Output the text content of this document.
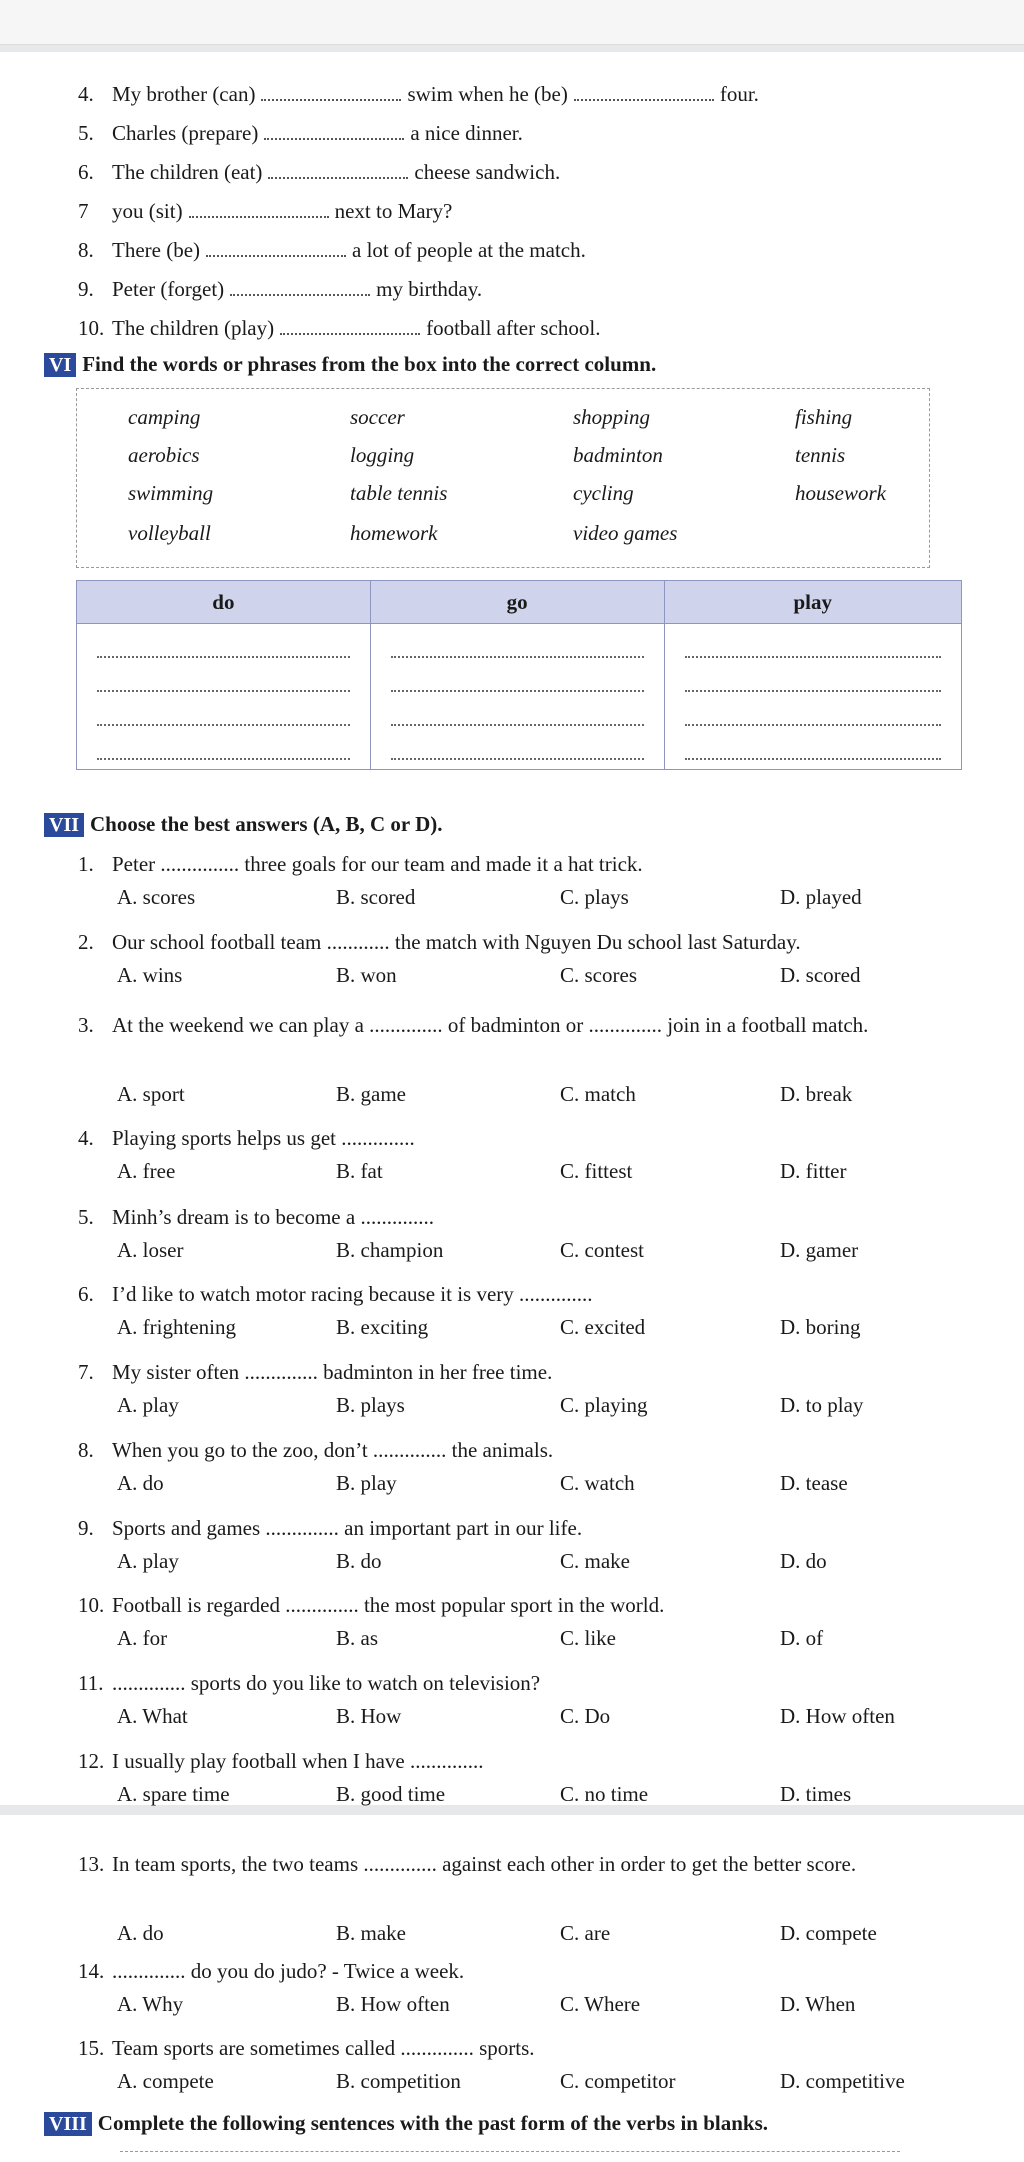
4. My brother (can)	swim when he (be)	four.
5. Charles (prepare)	a nice dinner.
6. The children (eat)	cheese sandwich.
7 you (sit)	next to Mary?
8. There (be)	a lot of people at the match.
9. Peter (forget)	my birthday.
10. The children (play)	football after school.
VI Find the words or phrases from the box into the correct column.
camping	soccer	shopping	fishing
aerobics	logging	badminton	tennis
swimming	table tennis	cycling	housework
volleyball	homework	video games
do	go	play

VII Choose the best answers (A, B, C or D).
1. Peter ............... three goals for our team and made it a hat trick.
A. scores	B. scored	C. plays	D. played
2. Our school football team ............ the match with Nguyen Du school last Saturday.
A. wins	B. won	C. scores	D. scored
3. At the weekend we can play a .............. of badminton or .............. join in a football match.
A. sport	B. game	C. match	D. break
4. Playing sports helps us get ..............
A. free	B. fat	C. fittest	D. fitter
5. Minh’s dream is to become a ..............
A. loser	B. champion	C. contest	D. gamer
6. I’d like to watch motor racing because it is very ..............
A. frightening	B. exciting	C. excited	D. boring
7. My sister often .............. badminton in her free time.
A. play	B. plays	C. playing	D. to play
8. When you go to the zoo, don’t .............. the animals.
A. do	B. play	C. watch	D. tease
9. Sports and games .............. an important part in our life.
A. play	B. do	C. make	D. do
10. Football is regarded .............. the most popular sport in the world.
A. for	B. as	C. like	D. of
11. .............. sports do you like to watch on television?
A. What	B. How	C. Do	D. How often
12. I usually play football when I have ..............
A. spare time	B. good time	C. no time	D. times
13. In team sports, the two teams .............. against each other in order to get the better score.
A. do	B. make	C. are	D. compete
14. .............. do you do judo? - Twice a week.
A. Why	B. How often	C. Where	D. When
15. Team sports are sometimes called .............. sports.
A. compete	B. competition	C. competitor	D. competitive
VIII Complete the following sentences with the past form of the verbs in blanks.
